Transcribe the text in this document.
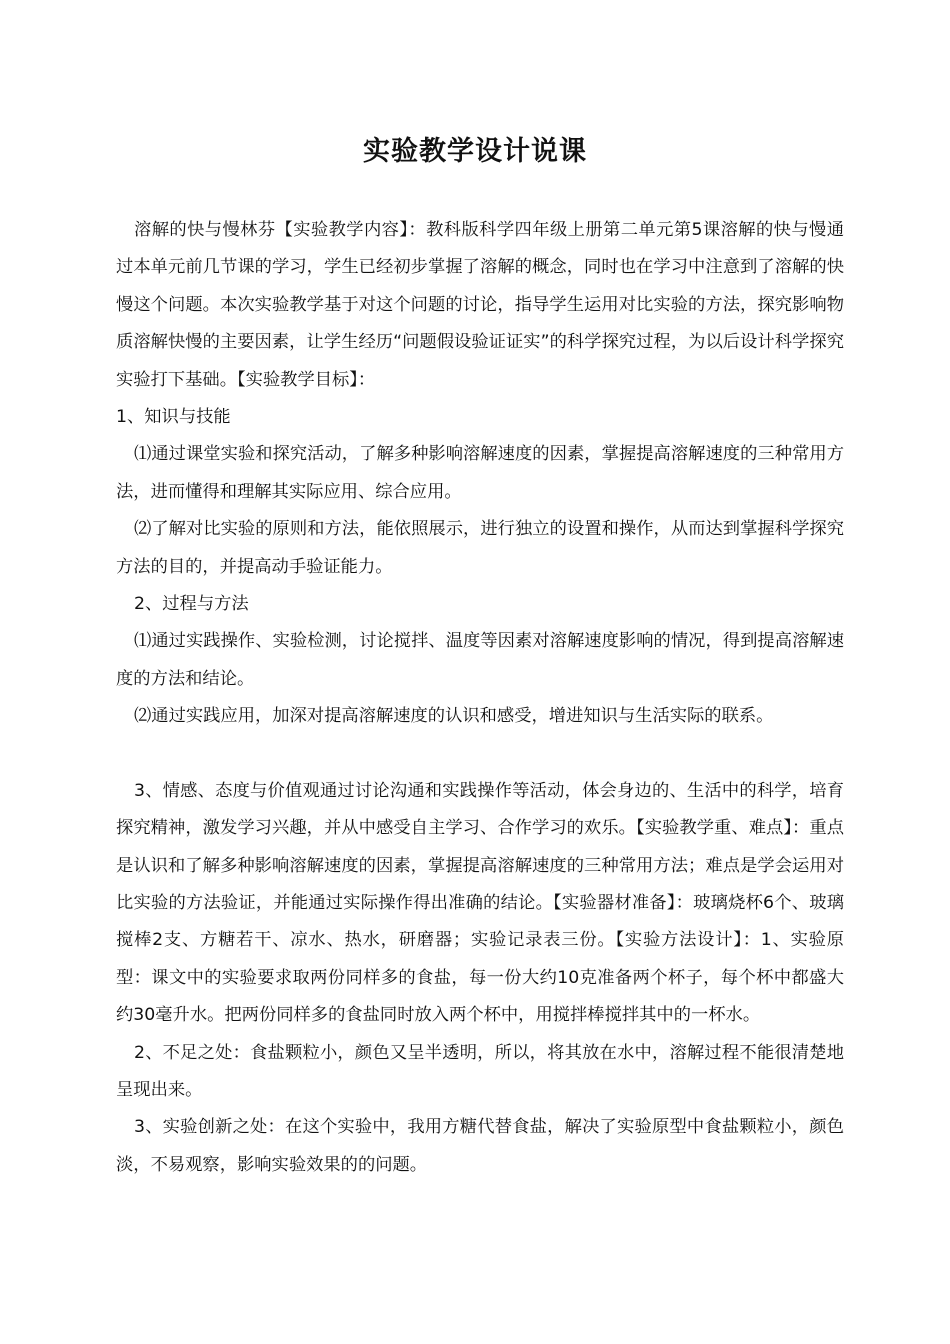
实验教学设计说课

溶解的快与慢林芬【实验教学内容】：教科版科学四年级上册第二单元第5课溶解的快与慢通过本单元前几节课的学习，学生已经初步掌握了溶解的概念，同时也在学习中注意到了溶解的快慢这个问题。本次实验教学基于对这个问题的讨论，指导学生运用对比实验的方法，探究影响物质溶解快慢的主要因素，让学生经历“问题假设验证证实”的科学探究过程，为以后设计科学探究实验打下基础。【实验教学目标】：

1、知识与技能

⑴通过课堂实验和探究活动，了解多种影响溶解速度的因素，掌握提高溶解速度的三种常用方法，进而懂得和理解其实际应用、综合应用。

⑵了解对比实验的原则和方法，能依照展示，进行独立的设置和操作，从而达到掌握科学探究方法的目的，并提高动手验证能力。

2、过程与方法

⑴通过实践操作、实验检测，讨论搅拌、温度等因素对溶解速度影响的情况，得到提高溶解速度的方法和结论。

⑵通过实践应用，加深对提高溶解速度的认识和感受，增进知识与生活实际的联系。

3、情感、态度与价值观通过讨论沟通和实践操作等活动，体会身边的、生活中的科学，培育探究精神，激发学习兴趣，并从中感受自主学习、合作学习的欢乐。【实验教学重、难点】：重点是认识和了解多种影响溶解速度的因素，掌握提高溶解速度的三种常用方法；难点是学会运用对比实验的方法验证，并能通过实际操作得出准确的结论。【实验器材准备】：玻璃烧杯6个、玻璃搅棒2支、方糖若干、凉水、热水，研磨器；实验记录表三份。【实验方法设计】：1、实验原型：课文中的实验要求取两份同样多的食盐，每一份大约10克准备两个杯子，每个杯中都盛大约30毫升水。把两份同样多的食盐同时放入两个杯中，用搅拌棒搅拌其中的一杯水。

2、不足之处：食盐颗粒小，颜色又呈半透明，所以，将其放在水中，溶解过程不能很清楚地呈现出来。

3、实验创新之处：在这个实验中，我用方糖代替食盐，解决了实验原型中食盐颗粒小，颜色淡，不易观察，影响实验效果的的问题。
